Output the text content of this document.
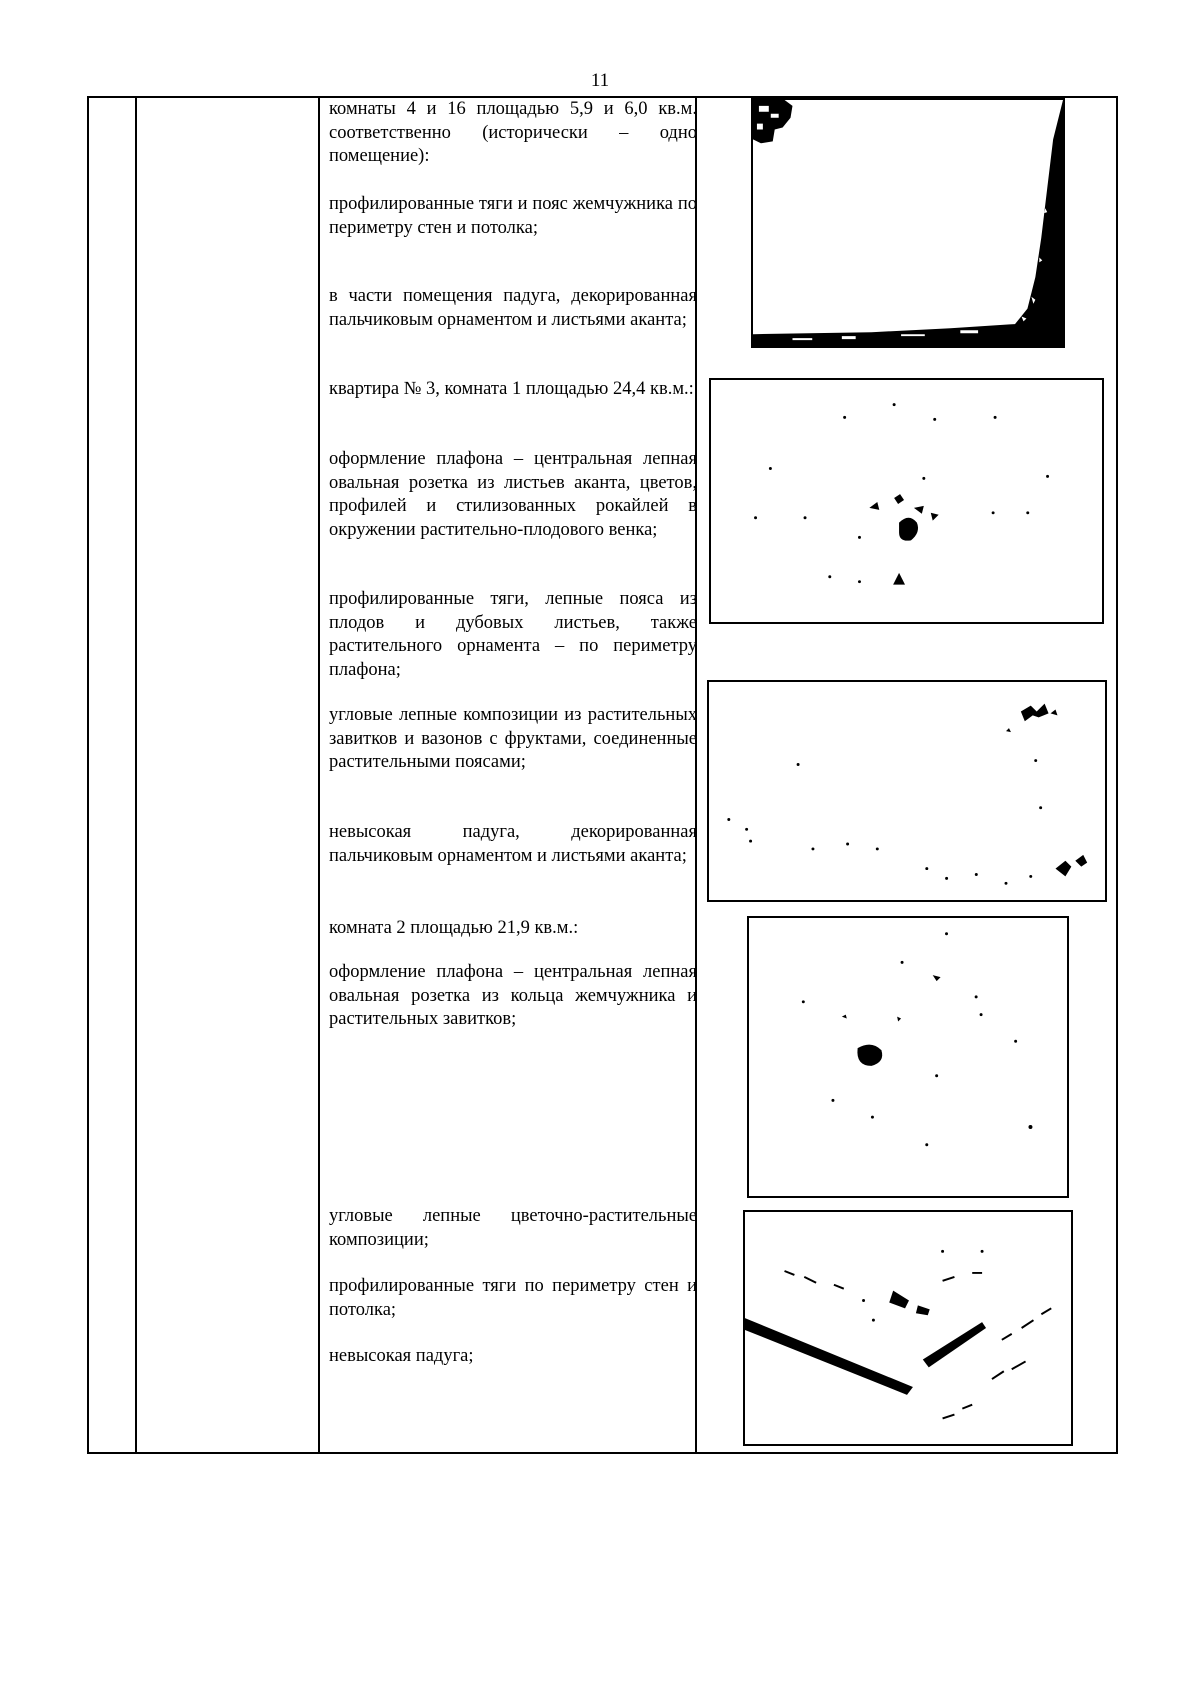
11

комнаты 4 и 16 площадью 5,9 и 6,0 кв.м. соответственно (исторически – одно помещение):

профилированные тяги и пояс жемчужника по периметру стен и потолка;

в части помещения падуга, декорированная пальчиковым орнаментом и листьями аканта;

квартира № 3, комната 1 площадью 24,4 кв.м.:

оформление плафона – центральная лепная овальная розетка из листьев аканта, цветов, профилей и стилизованных рокайлей в окружении растительно-плодового венка;

профилированные тяги, лепные пояса из плодов и дубовых листьев, также растительного орнамента – по периметру плафона;

угловые лепные композиции из растительных завитков и вазонов с фруктами, соединенные растительными поясами;

невысокая падуга, декорированная пальчиковым орнаментом и листьями аканта;

комната 2 площадью 21,9 кв.м.:

оформление плафона – центральная лепная овальная розетка из кольца жемчужника и растительных завитков;

угловые лепные цветочно-растительные композиции;

профилированные тяги по периметру стен и потолка;

невысокая падуга;
